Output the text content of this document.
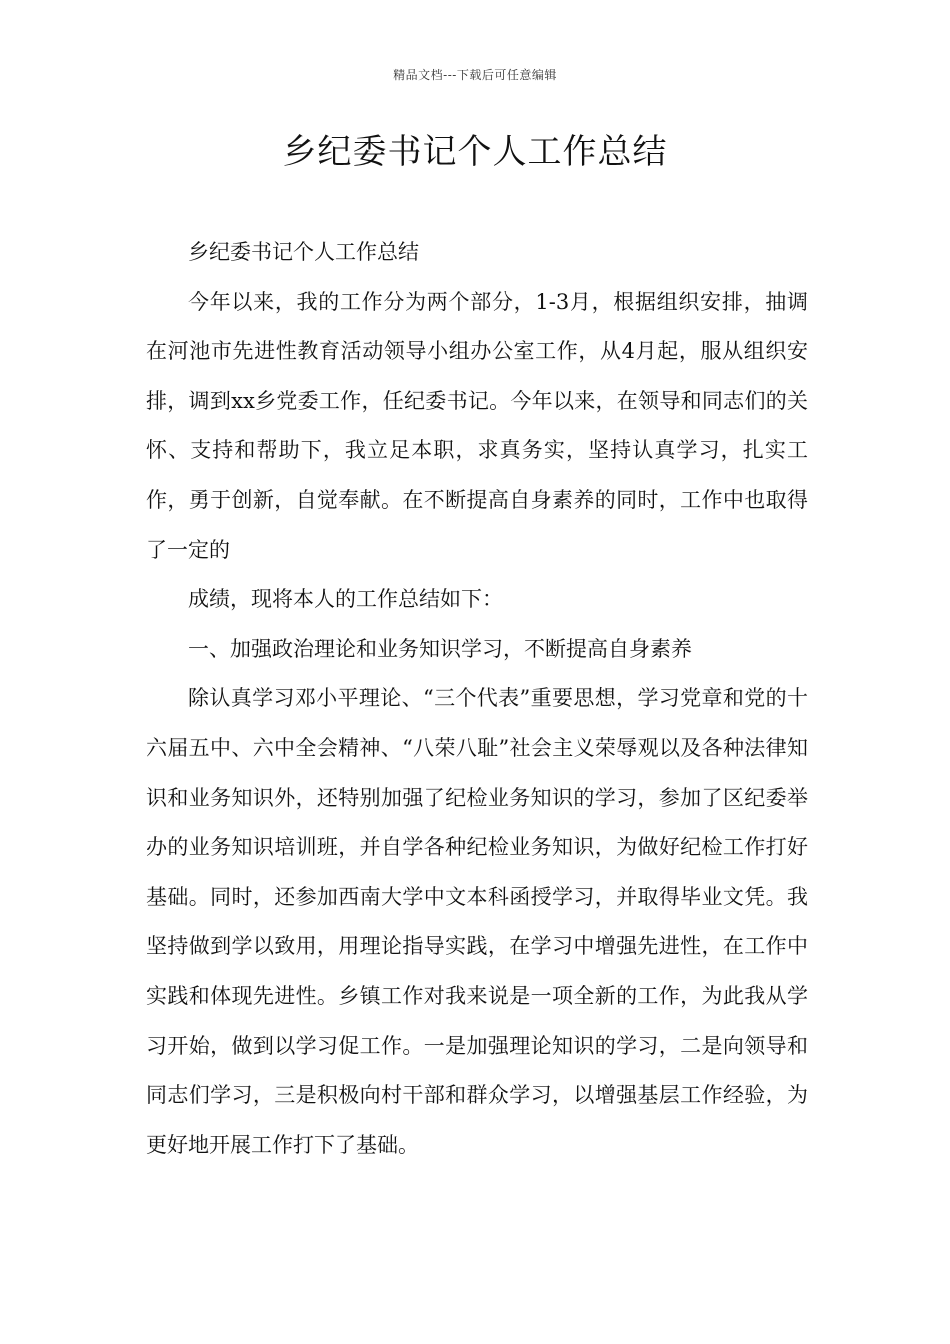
精品文档---下载后可任意编辑
乡纪委书记个人工作总结

乡纪委书记个人工作总结

今年以来，我的工作分为两个部分，1-3月，根据组织安排，抽调在河池市先进性教育活动领导小组办公室工作，从4月起，服从组织安排，调到xx乡党委工作，任纪委书记。今年以来，在领导和同志们的关怀、支持和帮助下，我立足本职，求真务实，坚持认真学习，扎实工作，勇于创新，自觉奉献。在不断提高自身素养的同时，工作中也取得了一定的

成绩，现将本人的工作总结如下：

一、加强政治理论和业务知识学习，不断提高自身素养

除认真学习邓小平理论、“三个代表”重要思想，学习党章和党的十六届五中、六中全会精神、“八荣八耻”社会主义荣辱观以及各种法律知识和业务知识外，还特别加强了纪检业务知识的学习，参加了区纪委举办的业务知识培训班，并自学各种纪检业务知识，为做好纪检工作打好基础。同时，还参加西南大学中文本科函授学习，并取得毕业文凭。我坚持做到学以致用，用理论指导实践，在学习中增强先进性，在工作中实践和体现先进性。乡镇工作对我来说是一项全新的工作，为此我从学习开始，做到以学习促工作。一是加强理论知识的学习，二是向领导和同志们学习，三是积极向村干部和群众学习，以增强基层工作经验，为更好地开展工作打下了基础。
